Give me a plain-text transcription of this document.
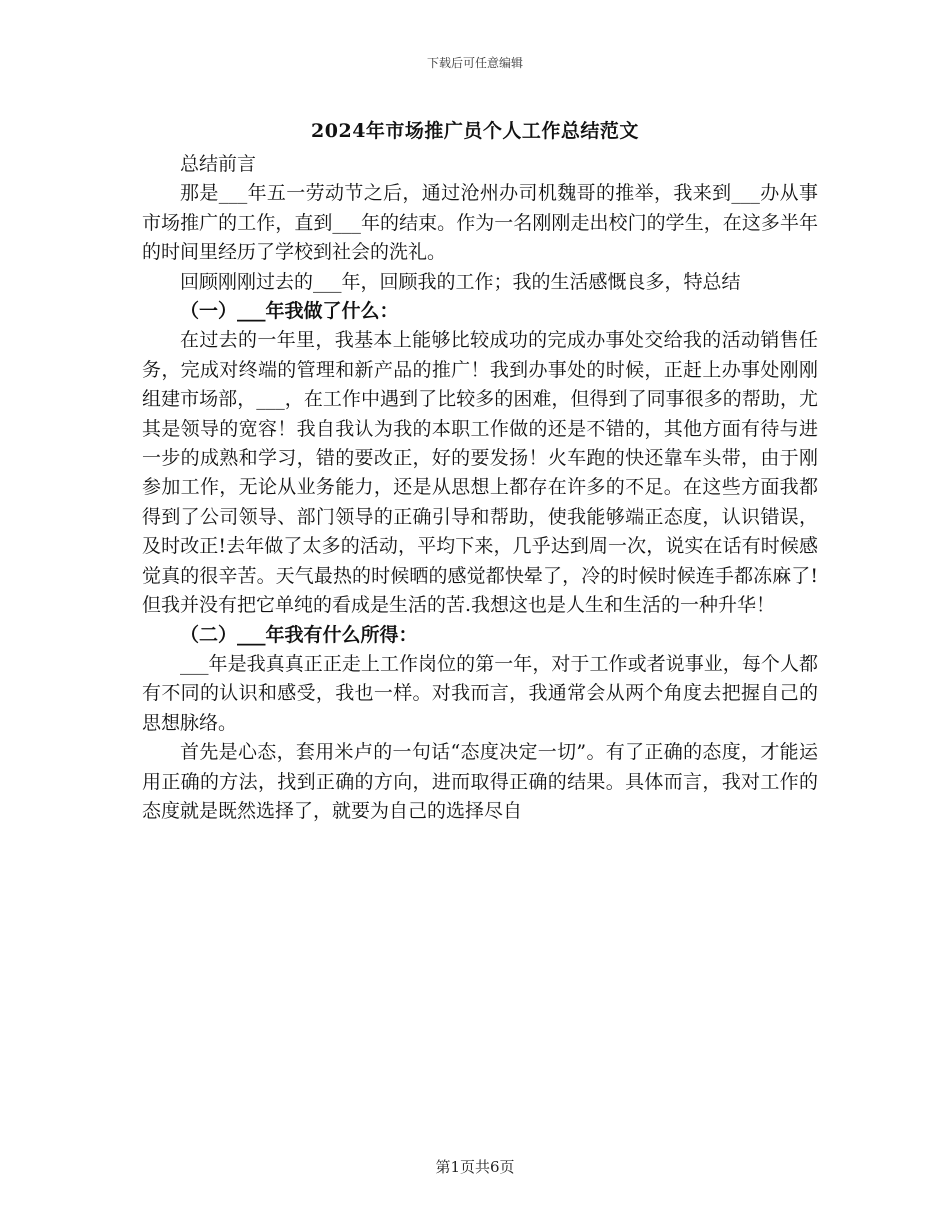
下载后可任意编辑
2024年市场推广员个人工作总结范文

总结前言

那是___年五一劳动节之后，通过沧州办司机魏哥的推举，我来到___办从事市场推广的工作，直到___年的结束。作为一名刚刚走出校门的学生，在这多半年的时间里经历了学校到社会的洗礼。

回顾刚刚过去的___年，回顾我的工作；我的生活感慨良多，特总结

（一）___年我做了什么：

在过去的一年里，我基本上能够比较成功的完成办事处交给我的活动销售任务，完成对终端的管理和新产品的推广！我到办事处的时候，正赶上办事处刚刚组建市场部，___，在工作中遇到了比较多的困难，但得到了同事很多的帮助，尤其是领导的宽容！我自我认为我的本职工作做的还是不错的，其他方面有待与进一步的成熟和学习，错的要改正，好的要发扬！火车跑的快还靠车头带，由于刚参加工作，无论从业务能力，还是从思想上都存在许多的不足。在这些方面我都得到了公司领导、部门领导的正确引导和帮助，使我能够端正态度，认识错误，及时改正!去年做了太多的活动，平均下来，几乎达到周一次，说实在话有时候感觉真的很辛苦。天气最热的时候晒的感觉都快晕了，冷的时候时候连手都冻麻了!但我并没有把它单纯的看成是生活的苦.我想这也是人生和生活的一种升华！

（二）___年我有什么所得：

___年是我真真正正走上工作岗位的第一年，对于工作或者说事业，每个人都有不同的认识和感受，我也一样。对我而言，我通常会从两个角度去把握自己的思想脉络。

首先是心态，套用米卢的一句话“态度决定一切”。有了正确的态度，才能运用正确的方法，找到正确的方向，进而取得正确的结果。具体而言，我对工作的态度就是既然选择了，就要为自己的选择尽自

第1页共6页
